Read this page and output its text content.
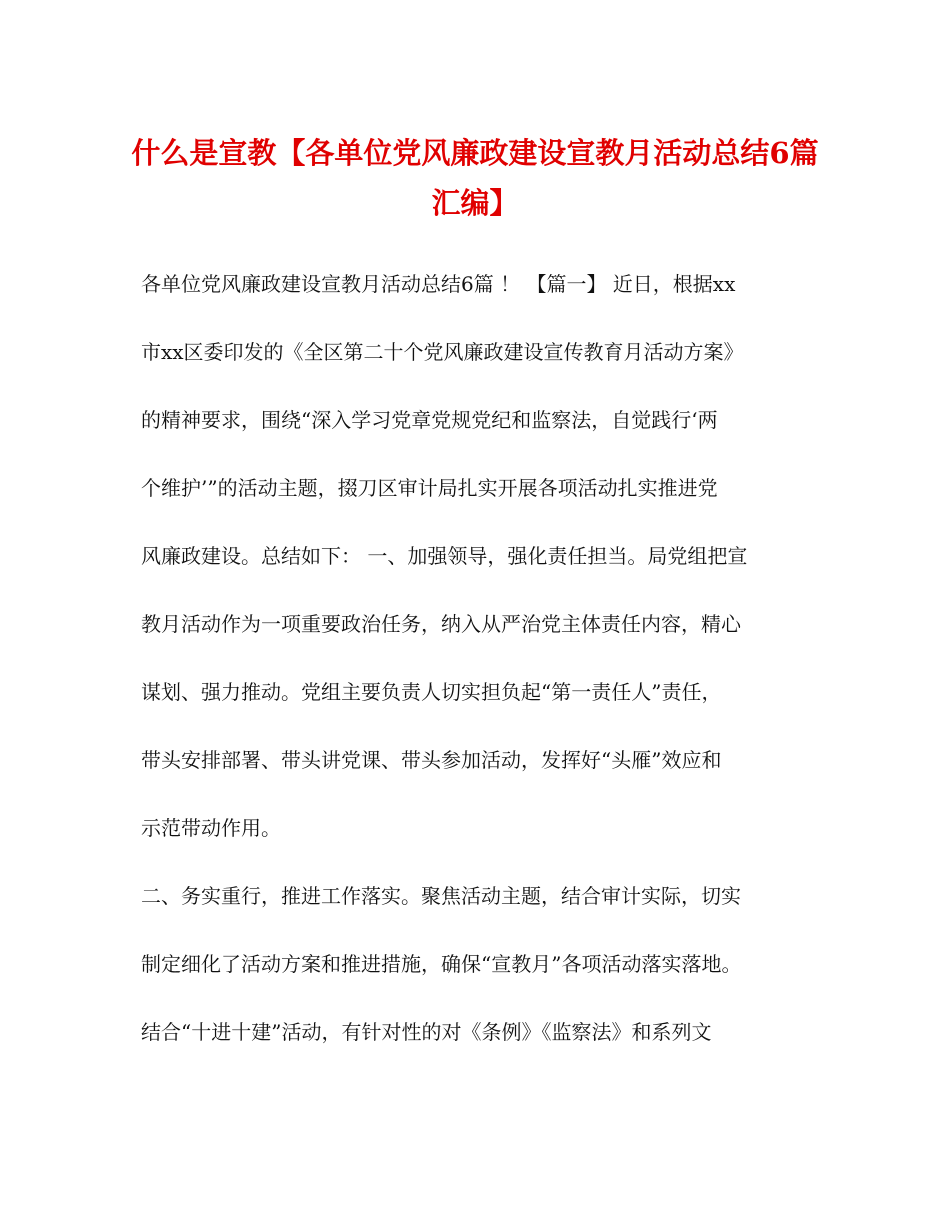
什么是宣教【各单位党风廉政建设宣教月活动总结6篇
汇编】
各单位党风廉政建设宣教月活动总结6篇 ！ 【篇一】 近日，根据xx
市xx区委印发的《全区第二十个党风廉政建设宣传教育月活动方案》
的精神要求，围绕“深入学习党章党规党纪和监察法，自觉践行‘两
个维护’”的活动主题，掇刀区审计局扎实开展各项活动扎实推进党
风廉政建设。总结如下： 一、加强领导，强化责任担当。局党组把宣
教月活动作为一项重要政治任务，纳入从严治党主体责任内容，精心
谋划、强力推动。党组主要负责人切实担负起“第一责任人”责任，
带头安排部署、带头讲党课、带头参加活动，发挥好“头雁”效应和
示范带动作用。
二、务实重行，推进工作落实。聚焦活动主题，结合审计实际，切实
制定细化了活动方案和推进措施，确保“宣教月”各项活动落实落地。
结合“十进十建”活动，有针对性的对《条例》《监察法》和系列文
